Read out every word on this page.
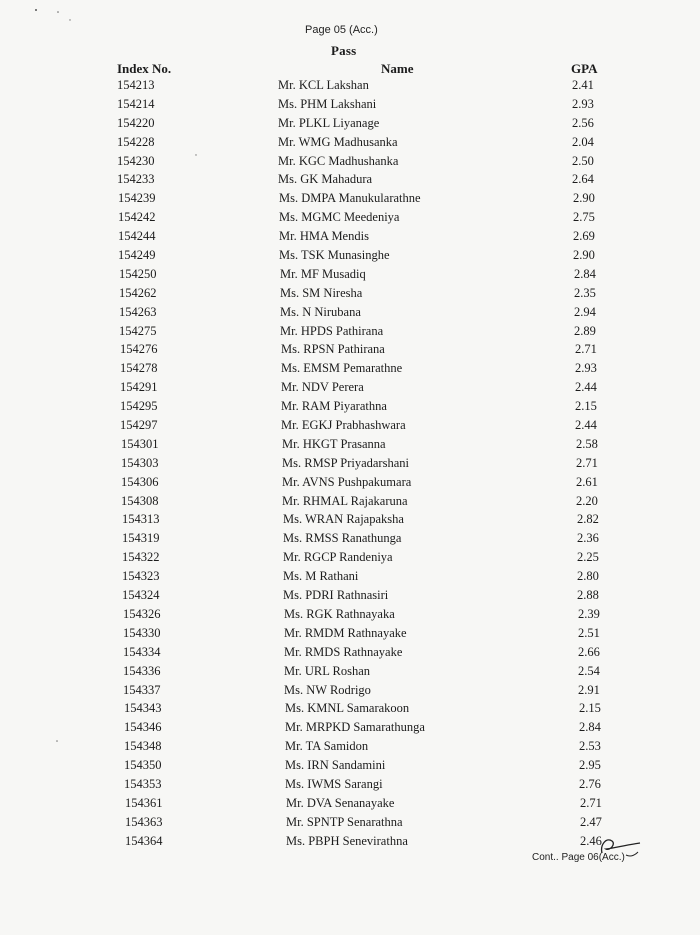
Page 05 (Acc.)
Pass
Index No.	Name	GPA
154213	Mr. KCL Lakshan	2.41
154214	Ms. PHM Lakshani	2.93
154220	Mr. PLKL Liyanage	2.56
154228	Mr. WMG Madhusanka	2.04
154230	Mr. KGC Madhushanka	2.50
154233	Ms. GK Mahadura	2.64
154239	Ms. DMPA Manukularathne	2.90
154242	Ms. MGMC Meedeniya	2.75
154244	Mr. HMA Mendis	2.69
154249	Ms. TSK Munasinghe	2.90
154250	Mr. MF Musadiq	2.84
154262	Ms. SM Niresha	2.35
154263	Ms. N Nirubana	2.94
154275	Mr. HPDS Pathirana	2.89
154276	Ms. RPSN Pathirana	2.71
154278	Ms. EMSM Pemarathne	2.93
154291	Mr. NDV Perera	2.44
154295	Mr. RAM Piyarathna	2.15
154297	Mr. EGKJ Prabhashwara	2.44
154301	Mr. HKGT Prasanna	2.58
154303	Ms. RMSP Priyadarshani	2.71
154306	Mr. AVNS Pushpakumara	2.61
154308	Mr. RHMAL Rajakaruna	2.20
154313	Ms. WRAN Rajapaksha	2.82
154319	Ms. RMSS Ranathunga	2.36
154322	Mr. RGCP Randeniya	2.25
154323	Ms. M Rathani	2.80
154324	Ms. PDRI Rathnasiri	2.88
154326	Ms. RGK Rathnayaka	2.39
154330	Mr. RMDM Rathnayake	2.51
154334	Mr. RMDS Rathnayake	2.66
154336	Mr. URL Roshan	2.54
154337	Ms. NW Rodrigo	2.91
154343	Ms. KMNL Samarakoon	2.15
154346	Mr. MRPKD Samarathunga	2.84
154348	Mr. TA Samidon	2.53
154350	Ms. IRN Sandamini	2.95
154353	Ms. IWMS Sarangi	2.76
154361	Mr. DVA Senanayake	2.71
154363	Mr. SPNTP Senarathna	2.47
154364	Ms. PBPH Senevirathna	2.46
Cont.. Page 06(Acc.)
